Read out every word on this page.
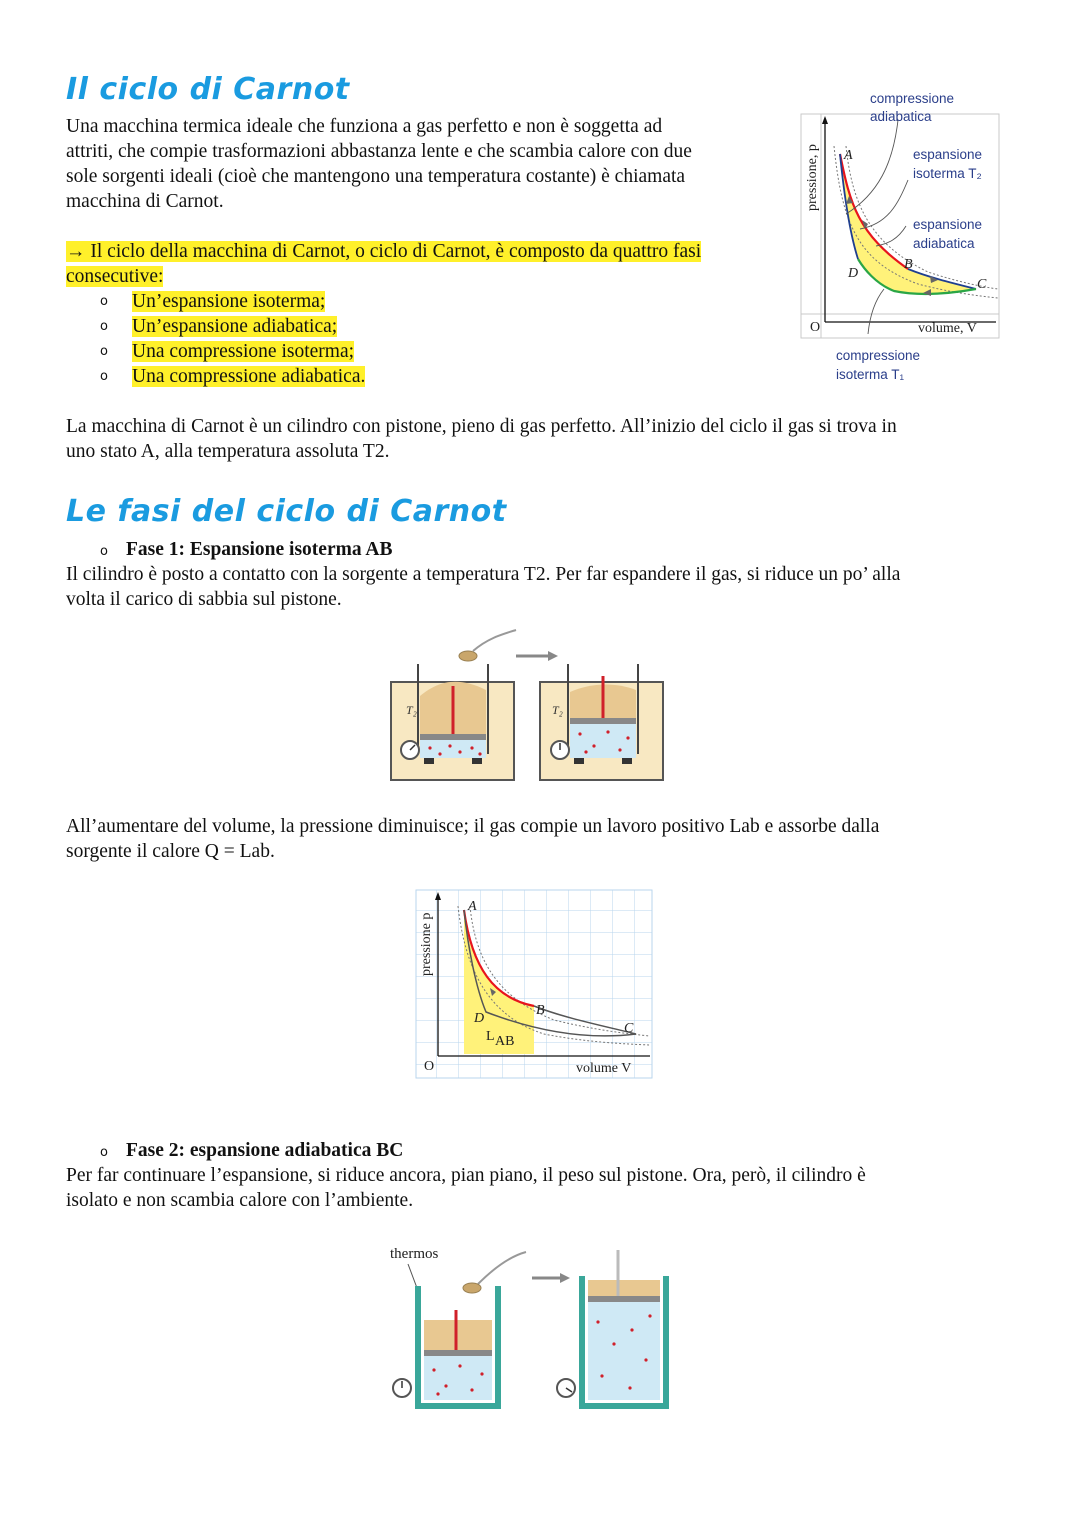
Il ciclo di Carnot
Una macchina termica ideale che funziona a gas perfetto e non è soggetta ad
attriti, che compie trasformazioni abbastanza lente e che scambia calore con due
sole sorgenti ideali (cioè che mantengono una temperatura costante) è chiamata
macchina di Carnot.
→ Il ciclo della macchina di Carnot, o ciclo di Carnot, è composto da quattro fasi
consecutive:
o Un’espansione isoterma;
o Un’espansione adiabatica;
o Una compressione isoterma;
o Una compressione adiabatica.
compressione
adiabatica
espansione
isoterma T₂
espansione
adiabatica
compressione
isoterma T₁
pressione, p
volume, V
O
A
B
C
D
La macchina di Carnot è un cilindro con pistone, pieno di gas perfetto. All’inizio del ciclo il gas si trova in
uno stato A, alla temperatura assoluta T2.
Le fasi del ciclo di Carnot
o Fase 1: Espansione isoterma AB
Il cilindro è posto a contatto con la sorgente a temperatura T2. Per far espandere il gas, si riduce un po’ alla
volta il carico di sabbia sul pistone.
T₂	T₂
All’aumentare del volume, la pressione diminuisce; il gas compie un lavoro positivo Lab e assorbe dalla
sorgente il calore Q = Lab.
pressione p
volume V
O
A
B
C
D
L AB
o Fase 2: espansione adiabatica BC
Per far continuare l’espansione, si riduce ancora, pian piano, il peso sul pistone. Ora, però, il cilindro è
isolato e non scambia calore con l’ambiente.
thermos
